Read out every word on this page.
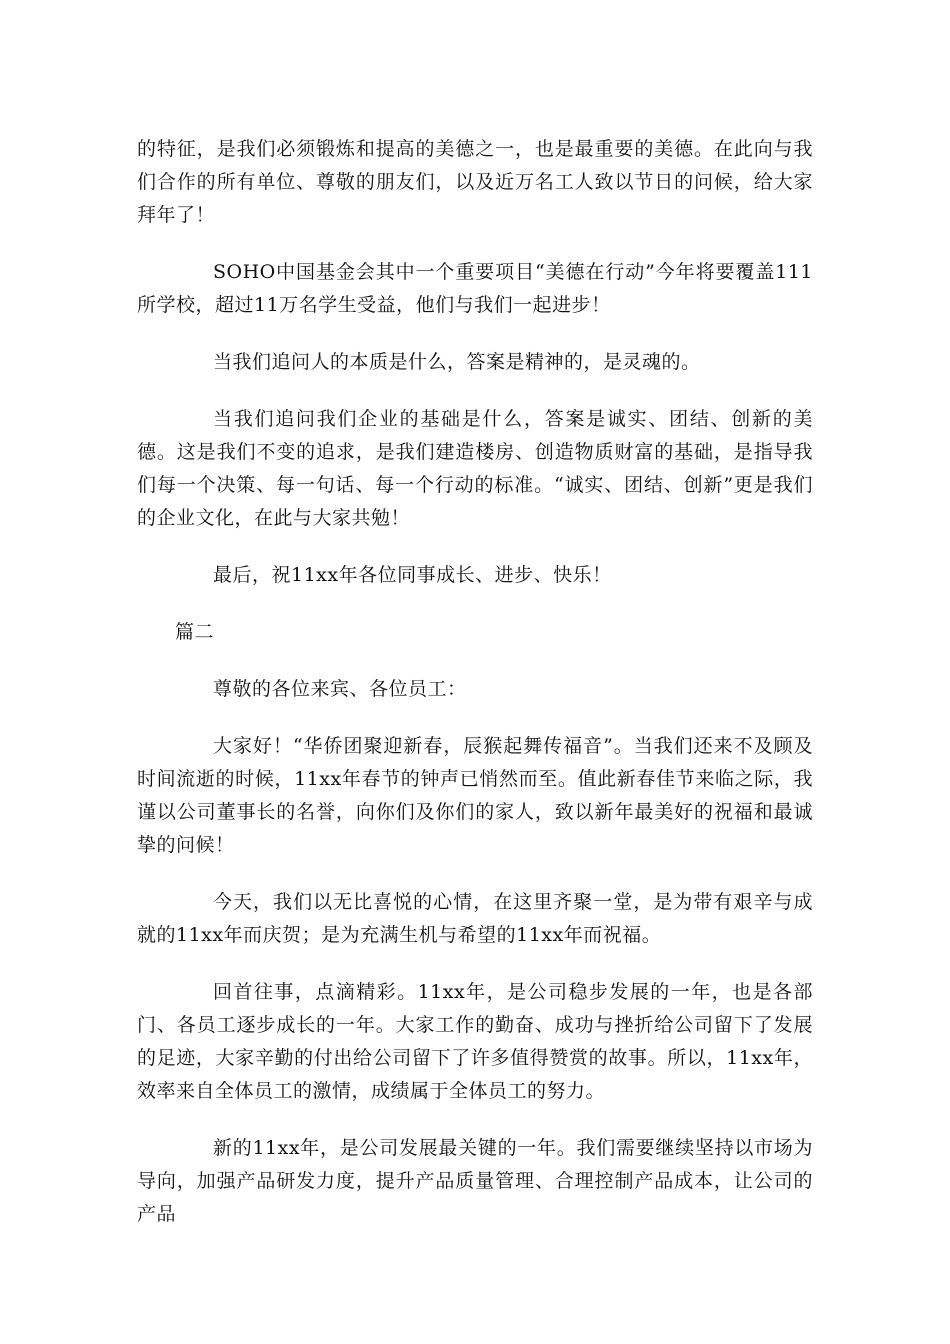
的特征，是我们必须锻炼和提高的美德之一，也是最重要的美德。在此向与我们合作的所有单位、尊敬的朋友们，以及近万名工人致以节日的问候，给大家拜年了！

SOHO中国基金会其中一个重要项目“美德在行动”今年将要覆盖111所学校，超过11万名学生受益，他们与我们一起进步！

当我们追问人的本质是什么，答案是精神的，是灵魂的。

当我们追问我们企业的基础是什么，答案是诚实、团结、创新的美德。这是我们不变的追求，是我们建造楼房、创造物质财富的基础，是指导我们每一个决策、每一句话、每一个行动的标准。“诚实、团结、创新”更是我们的企业文化，在此与大家共勉！

最后，祝11xx年各位同事成长、进步、快乐！

篇二

尊敬的各位来宾、各位员工：

大家好！“华侨团聚迎新春，辰猴起舞传福音”。当我们还来不及顾及时间流逝的时候，11xx年春节的钟声已悄然而至。值此新春佳节来临之际，我谨以公司董事长的名誉，向你们及你们的家人，致以新年最美好的祝福和最诚挚的问候！

今天，我们以无比喜悦的心情，在这里齐聚一堂，是为带有艰辛与成就的11xx年而庆贺；是为充满生机与希望的11xx年而祝福。

回首往事，点滴精彩。11xx年，是公司稳步发展的一年，也是各部门、各员工逐步成长的一年。大家工作的勤奋、成功与挫折给公司留下了发展的足迹，大家辛勤的付出给公司留下了许多值得赞赏的故事。所以，11xx年，效率来自全体员工的激情，成绩属于全体员工的努力。

新的11xx年，是公司发展最关键的一年。我们需要继续坚持以市场为导向，加强产品研发力度，提升产品质量管理、合理控制产品成本，让公司的产品
